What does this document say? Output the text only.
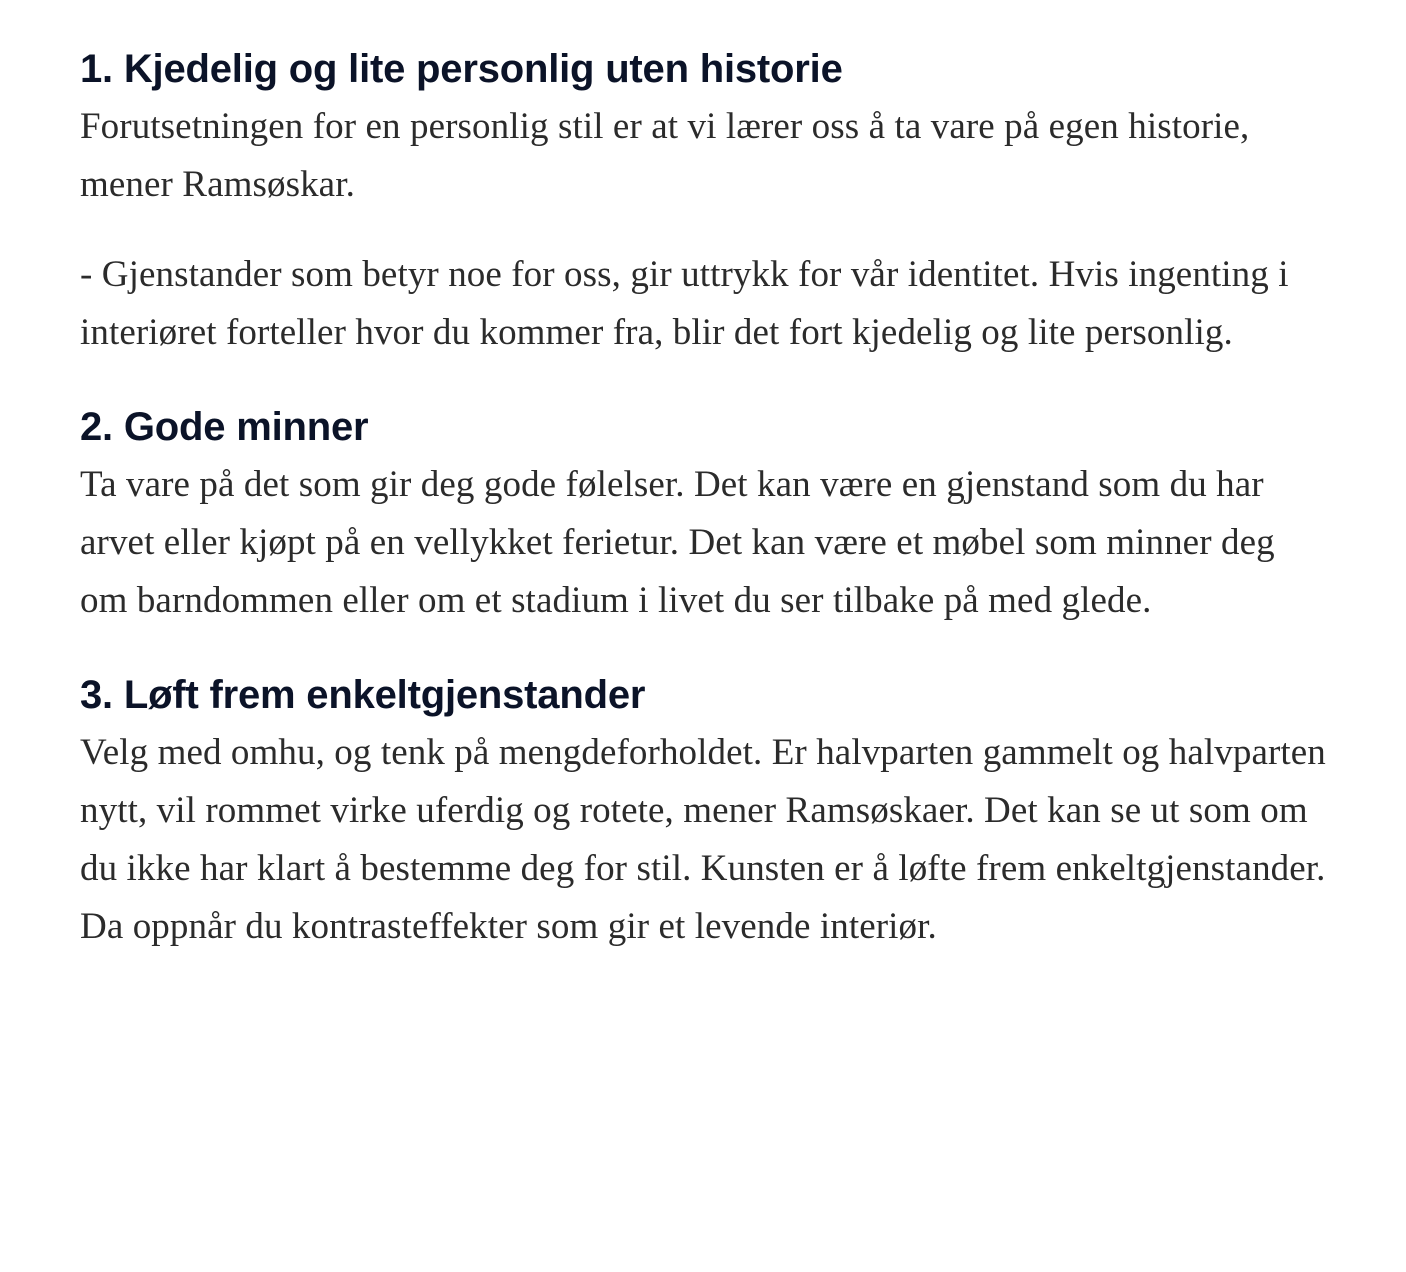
1. Kjedelig og lite personlig uten historie

Forutsetningen for en personlig stil er at vi lærer oss å ta vare på egen historie, mener Ramsøskar.

- Gjenstander som betyr noe for oss, gir uttrykk for vår identitet. Hvis ingenting i interiøret forteller hvor du kommer fra, blir det fort kjedelig og lite personlig.

2. Gode minner

Ta vare på det som gir deg gode følelser. Det kan være en gjenstand som du har arvet eller kjøpt på en vellykket ferietur. Det kan være et møbel som minner deg om barndommen eller om et stadium i livet du ser tilbake på med glede.

3. Løft frem enkeltgjenstander

Velg med omhu, og tenk på mengdeforholdet. Er halvparten gammelt og halvparten nytt, vil rommet virke uferdig og rotete, mener Ramsøskaer. Det kan se ut som om du ikke har klart å bestemme deg for stil. Kunsten er å løfte frem enkeltgjenstander. Da oppnår du kontrasteffekter som gir et levende interiør.
